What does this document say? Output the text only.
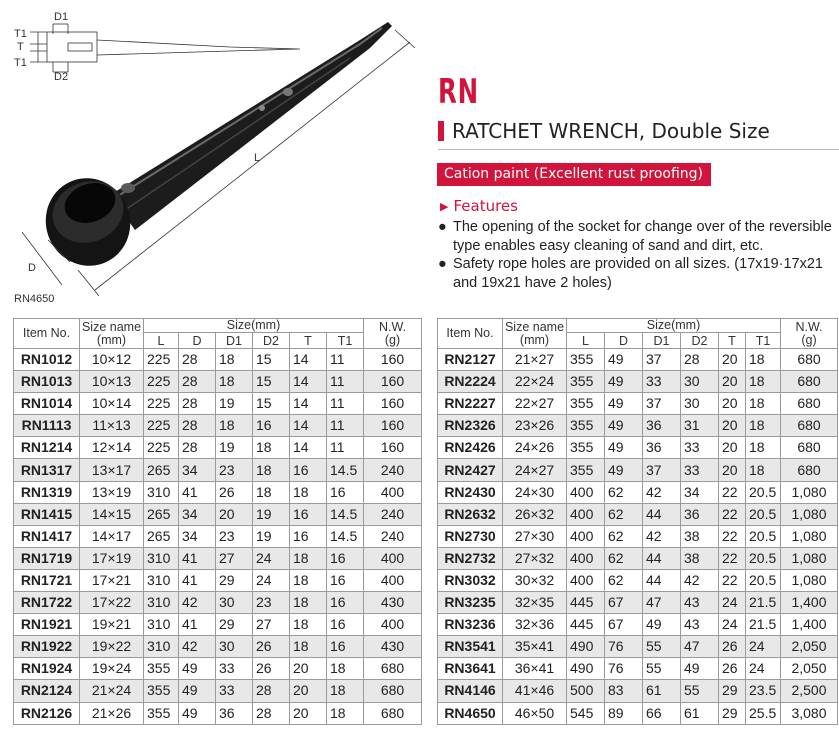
D1
T1
T
T1
D2
L
D
RN4650
RN
RATCHET WRENCH, Double Size
Cation paint (Excellent rust proofing)
▶ Features
● The opening of the socket for change over of the reversible type enables easy cleaning of sand and dirt, etc.
● Safety rope holes are provided on all sizes. (17x19·17x21 and 19x21 have 2 holes)
Item No.	Size name
(mm)	Size(mm)						N.W.
(g)
		L	D	D1	D2	T	T1	
RN1012	10×12	225	28	18	15	14	11	160
RN1013	10×13	225	28	18	15	14	11	160
RN1014	10×14	225	28	19	15	14	11	160
RN1113	11×13	225	28	18	16	14	11	160
RN1214	12×14	225	28	19	18	14	11	160
RN1317	13×17	265	34	23	18	16	14.5	240
RN1319	13×19	310	41	26	18	18	16	400
RN1415	14×15	265	34	20	19	16	14.5	240
RN1417	14×17	265	34	23	19	16	14.5	240
RN1719	17×19	310	41	27	24	18	16	400
RN1721	17×21	310	41	29	24	18	16	400
RN1722	17×22	310	42	30	23	18	16	430
RN1921	19×21	310	41	29	27	18	16	400
RN1922	19×22	310	42	30	26	18	16	430
RN1924	19×24	355	49	33	26	20	18	680
RN2124	21×24	355	49	33	28	20	18	680
RN2126	21×26	355	49	36	28	20	18	680
Item No.	Size name
(mm)	Size(mm)						N.W.
(g)
		L	D	D1	D2	T	T1	
RN2127	21×27	355	49	37	28	20	18	680
RN2224	22×24	355	49	33	30	20	18	680
RN2227	22×27	355	49	37	30	20	18	680
RN2326	23×26	355	49	36	31	20	18	680
RN2426	24×26	355	49	36	33	20	18	680
RN2427	24×27	355	49	37	33	20	18	680
RN2430	24×30	400	62	42	34	22	20.5	1,080
RN2632	26×32	400	62	44	36	22	20.5	1,080
RN2730	27×30	400	62	42	38	22	20.5	1,080
RN2732	27×32	400	62	44	38	22	20.5	1,080
RN3032	30×32	400	62	44	42	22	20.5	1,080
RN3235	32×35	445	67	47	43	24	21.5	1,400
RN3236	32×36	445	67	49	43	24	21.5	1,400
RN3541	35×41	490	76	55	47	26	24	2,050
RN3641	36×41	490	76	55	49	26	24	2,050
RN4146	41×46	500	83	61	55	29	23.5	2,500
RN4650	46×50	545	89	66	61	29	25.5	3,080
